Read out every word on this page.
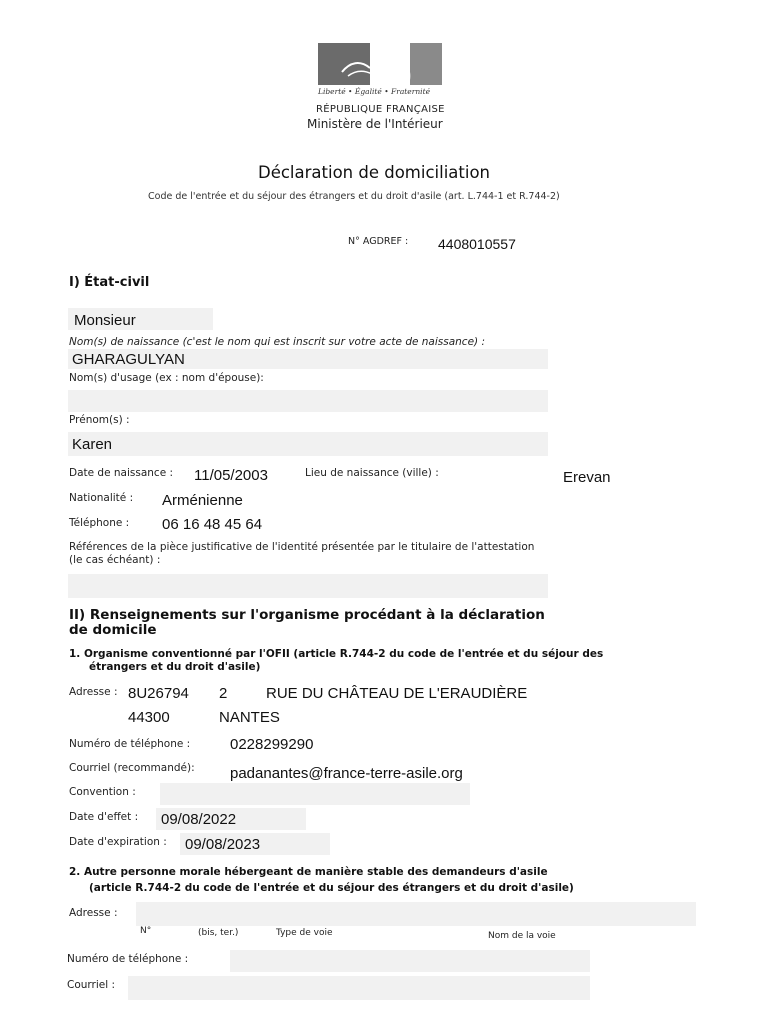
Liberté • Égalité • Fraternité
RÉPUBLIQUE FRANÇAISE
Ministère de l'Intérieur
Déclaration de domiciliation
Code de l'entrée et du séjour des étrangers et du droit d'asile (art. L.744-1 et R.744-2)
N° AGDREF : 4408010557
I) État-civil
Monsieur
Nom(s) de naissance (c'est le nom qui est inscrit sur votre acte de naissance) :
GHARAGULYAN
Nom(s) d'usage (ex : nom d'épouse):
Prénom(s) :
Karen
Date de naissance : 11/05/2003	Lieu de naissance (ville) :	Erevan
Nationalité : Arménienne
Téléphone : 06 16 48 45 64
Références de la pièce justificative de l'identité présentée par le titulaire de l'attestation
(le cas échéant) :
II) Renseignements sur l'organisme procédant à la déclaration
de domicile
1. Organisme conventionné par l'OFII (article R.744-2 du code de l'entrée et du séjour des
étrangers et du droit d'asile)
Adresse : 8U26794 2	RUE DU CHÂTEAU DE L'ERAUDIÈRE
44300	NANTES
Numéro de téléphone :	0228299290
Courriel (recommandé): padanantes@france-terre-asile.org
Convention :
Date d'effet : 09/08/2022
Date d'expiration : 09/08/2023
2. Autre personne morale hébergeant de manière stable des demandeurs d'asile
(article R.744-2 du code de l'entrée et du séjour des étrangers et du droit d'asile)
Adresse :
N°	(bis, ter.)	Type de voie	Nom de la voie
Numéro de téléphone :
Courriel :
